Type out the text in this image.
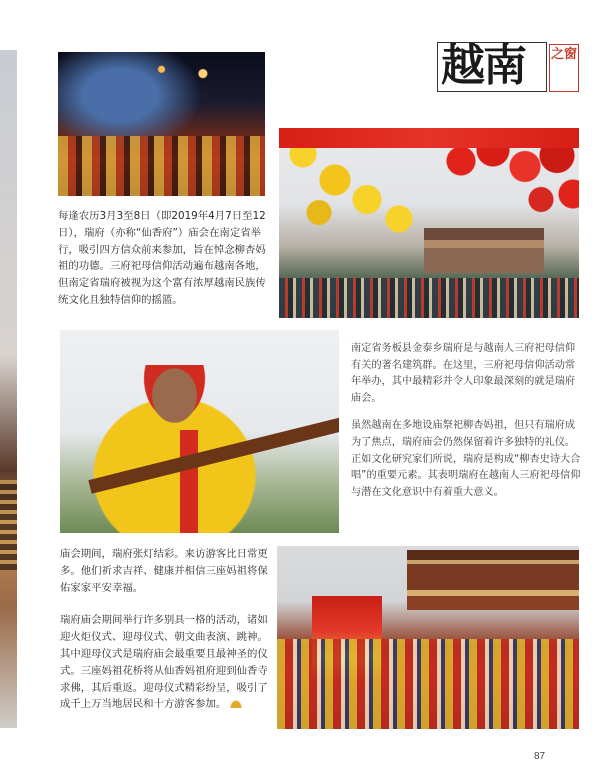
越南 之窗
每逢农历3月3至8日（即2019年4月7日至12日），瑞府（亦称“仙香府”）庙会在南定省举行，吸引四方信众前来参加，旨在悼念柳杏妈祖的功德。三府祀母信仰活动遍布越南各地，但南定省瑞府被视为这个富有浓厚越南民族传统文化且独特信仰的摇篮。

南定省务板县金泰乡瑞府是与越南人三府祀母信仰有关的著名建筑群。在这里，三府祀母信仰活动常年举办，其中最精彩并令人印象最深刻的就是瑞府庙会。

虽然越南在多地设庙祭祀柳杏妈祖，但只有瑞府成为了焦点，瑞府庙会仍然保留着许多独特的礼仪。正如文化研究家们所说，瑞府是构成“柳杏史诗大合唱”的重要元素。其表明瑞府在越南人三府祀母信仰与潜在文化意识中有着重大意义。

庙会期间，瑞府张灯结彩。来访游客比日常更多。他们祈求吉祥、健康并相信三座妈祖将保佑家家平安幸福。

瑞府庙会期间举行许多别具一格的活动，诸如迎火炬仪式、迎母仪式、朝文曲表演、跳神。其中迎母仪式是瑞府庙会最重要且最神圣的仪式。三座妈祖花桥将从仙香妈祖府迎到仙香寺求佛，其后重返。迎母仪式精彩纷呈，吸引了成千上万当地居民和十方游客参加。

87
